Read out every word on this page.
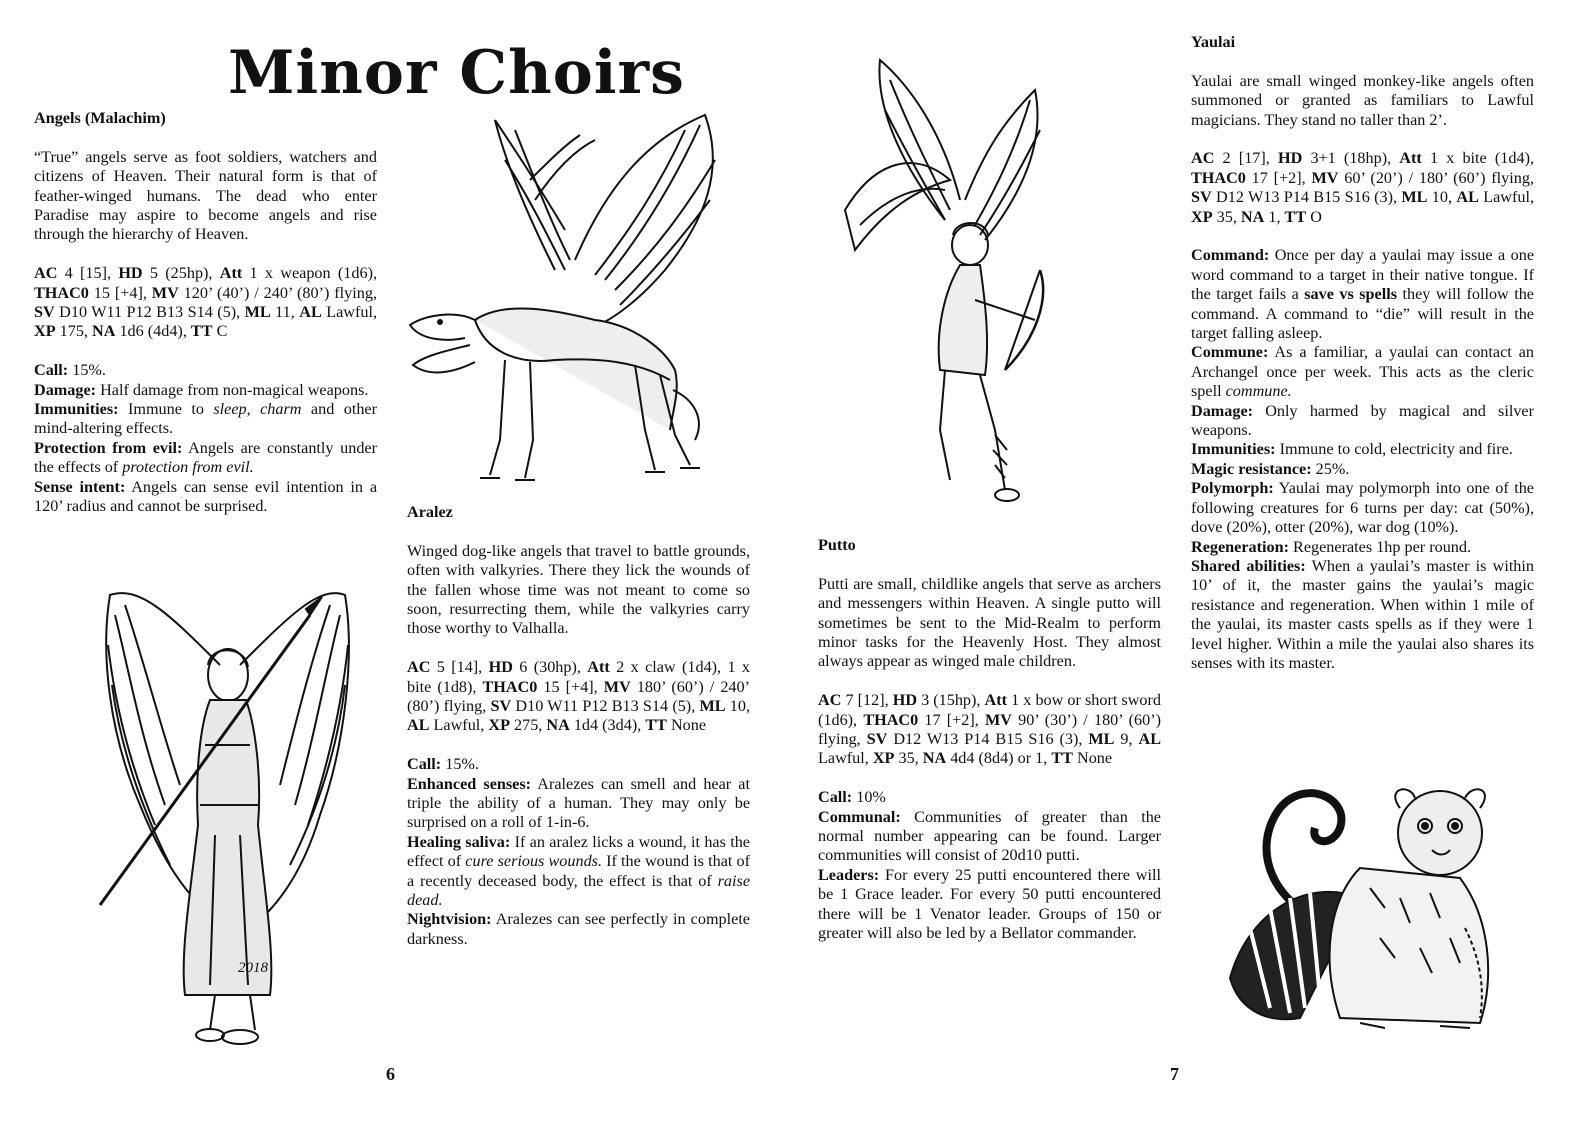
Minor Choirs

Angels (Malachim)

“True” angels serve as foot soldiers, watchers and citizens of Heaven. Their natural form is that of feather-winged humans. The dead who enter Paradise may aspire to become angels and rise through the hierarchy of Heaven.

AC 4 [15], HD 5 (25hp), Att 1 x weapon (1d6), THAC0 15 [+4], MV 120’ (40’) / 240’ (80’) flying, SV D10 W11 P12 B13 S14 (5), ML 11, AL Lawful, XP 175, NA 1d6 (4d4), TT C

Call: 15%.

Damage: Half damage from non-magical weapons.

Immunities: Immune to sleep, charm and other mind-altering effects.

Protection from evil: Angels are constantly under the effects of protection from evil.

Sense intent: Angels can sense evil intention in a 120’ radius and cannot be surprised.

2018

Aralez

Winged dog-like angels that travel to battle grounds, often with valkyries. There they lick the wounds of the fallen whose time was not meant to come so soon, resurrecting them, while the valkyries carry those worthy to Valhalla.

AC 5 [14], HD 6 (30hp), Att 2 x claw (1d4), 1 x bite (1d8), THAC0 15 [+4], MV 180’ (60’) / 240’ (80’) flying, SV D10 W11 P12 B13 S14 (5), ML 10, AL Lawful, XP 275, NA 1d4 (3d4), TT None

Call: 15%.

Enhanced senses: Aralezes can smell and hear at triple the ability of a human. They may only be surprised on a roll of 1-in-6.

Healing saliva: If an aralez licks a wound, it has the effect of cure serious wounds. If the wound is that of a recently deceased body, the effect is that of raise dead.

Nightvision: Aralezes can see perfectly in complete darkness.

6

Putto

Putti are small, childlike angels that serve as archers and messengers within Heaven. A single putto will sometimes be sent to the Mid-Realm to perform minor tasks for the Heavenly Host. They almost always appear as winged male children.

AC 7 [12], HD 3 (15hp), Att 1 x bow or short sword (1d6), THAC0 17 [+2], MV 90’ (30’) / 180’ (60’) flying, SV D12 W13 P14 B15 S16 (3), ML 9, AL Lawful, XP 35, NA 4d4 (8d4) or 1, TT None

Call: 10%

Communal: Communities of greater than the normal number appearing can be found. Larger communities will consist of 20d10 putti.

Leaders: For every 25 putti encountered there will be 1 Grace leader. For every 50 putti encountered there will be 1 Venator leader. Groups of 150 or greater will also be led by a Bellator commander.

Yaulai

Yaulai are small winged monkey-like angels often summoned or granted as familiars to Lawful magicians. They stand no taller than 2’.

AC 2 [17], HD 3+1 (18hp), Att 1 x bite (1d4), THAC0 17 [+2], MV 60’ (20’) / 180’ (60’) flying, SV D12 W13 P14 B15 S16 (3), ML 10, AL Lawful, XP 35, NA 1, TT O

Command: Once per day a yaulai may issue a one word command to a target in their native tongue. If the target fails a save vs spells they will follow the command. A command to “die” will result in the target falling asleep.

Commune: As a familiar, a yaulai can contact an Archangel once per week. This acts as the cleric spell commune.

Damage: Only harmed by magical and silver weapons.

Immunities: Immune to cold, electricity and fire.

Magic resistance: 25%.

Polymorph: Yaulai may polymorph into one of the following creatures for 6 turns per day: cat (50%), dove (20%), otter (20%), war dog (10%).

Regeneration: Regenerates 1hp per round.

Shared abilities: When a yaulai’s master is within 10’ of it, the master gains the yaulai’s magic resistance and regeneration. When within 1 mile of the yaulai, its master casts spells as if they were 1 level higher. Within a mile the yaulai also shares its senses with its master.

7
